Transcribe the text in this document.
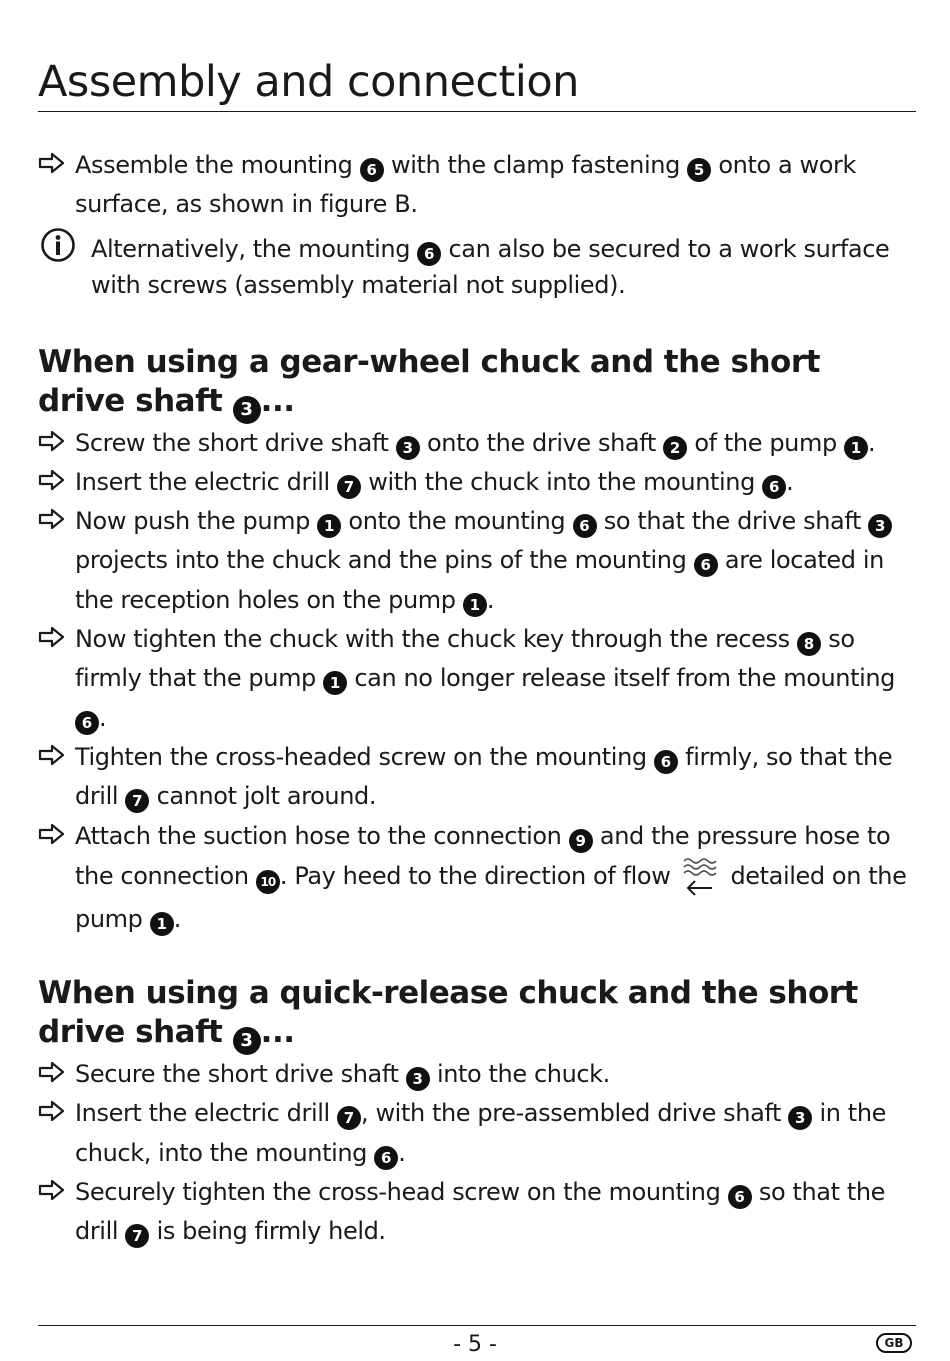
Assembly and connection
Assemble the mounting 6 with the clamp fastening 5 onto a work surface, as shown in figure B.
Alternatively, the mounting 6 can also be secured to a work surface with screws (assembly material not supplied).
When using a gear-wheel chuck and the short drive shaft 3 ...
Screw the short drive shaft 3 onto the drive shaft 2 of the pump 1 .
Insert the electric drill 7 with the chuck into the mounting 6 .
Now push the pump 1 onto the mounting 6 so that the drive shaft 3 projects into the chuck and the pins of the mounting 6 are located in the reception holes on the pump 1 .
Now tighten the chuck with the chuck key through the recess 8 so firmly that the pump 1 can no longer release itself from the mounting 6 .
Tighten the cross-headed screw on the mounting 6 firmly, so that the drill 7 cannot jolt around.
Attach the suction hose to the connection 9 and the pressure hose to the connection 10 . Pay heed to the direction of flow	detailed on the pump 1 .
When using a quick-release chuck and the short drive shaft 3 ...
Secure the short drive shaft 3 into the chuck.
Insert the electric drill 7 , with the pre-assembled drive shaft 3 in the chuck, into the mounting 6 .
Securely tighten the cross-head screw on the mounting 6 so that the drill 7 is being firmly held.
- 5 -	GB
